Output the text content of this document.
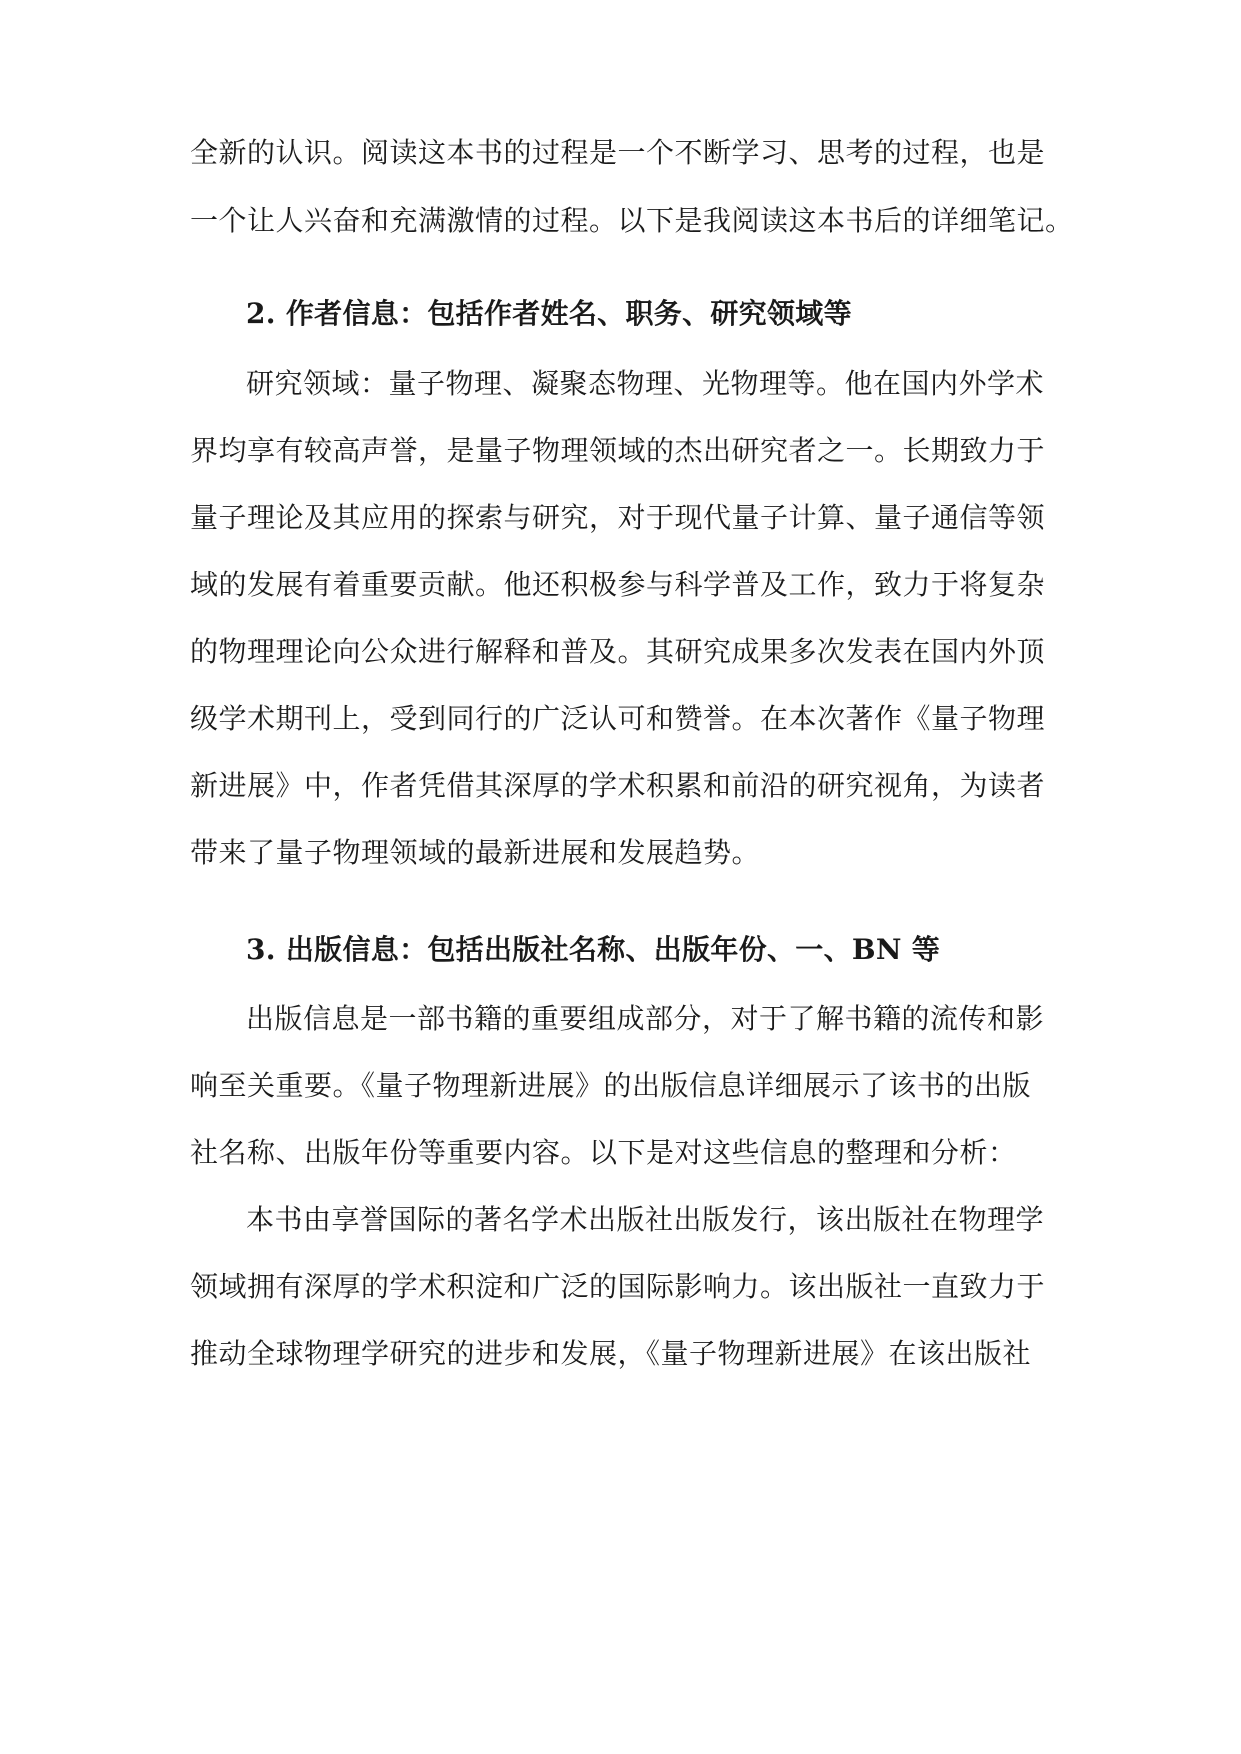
全新的认识。阅读这本书的过程是一个不断学习、思考的过程，也是
一个让人兴奋和充满激情的过程。以下是我阅读这本书后的详细笔记。
2. 作者信息：包括作者姓名、职务、研究领域等
研究领域：量子物理、凝聚态物理、光物理等。他在国内外学术
界均享有较高声誉，是量子物理领域的杰出研究者之一。长期致力于
量子理论及其应用的探索与研究，对于现代量子计算、量子通信等领
域的发展有着重要贡献。他还积极参与科学普及工作，致力于将复杂
的物理理论向公众进行解释和普及。其研究成果多次发表在国内外顶
级学术期刊上，受到同行的广泛认可和赞誉。在本次著作《量子物理
新进展》中，作者凭借其深厚的学术积累和前沿的研究视角，为读者
带来了量子物理领域的最新进展和发展趋势。
3. 出版信息：包括出版社名称、出版年份、一、BN 等
出版信息是一部书籍的重要组成部分，对于了解书籍的流传和影
响至关重要。《量子物理新进展》的出版信息详细展示了该书的出版
社名称、出版年份等重要内容。以下是对这些信息的整理和分析：
本书由享誉国际的著名学术出版社出版发行，该出版社在物理学
领域拥有深厚的学术积淀和广泛的国际影响力。该出版社一直致力于
推动全球物理学研究的进步和发展，《量子物理新进展》在该出版社
